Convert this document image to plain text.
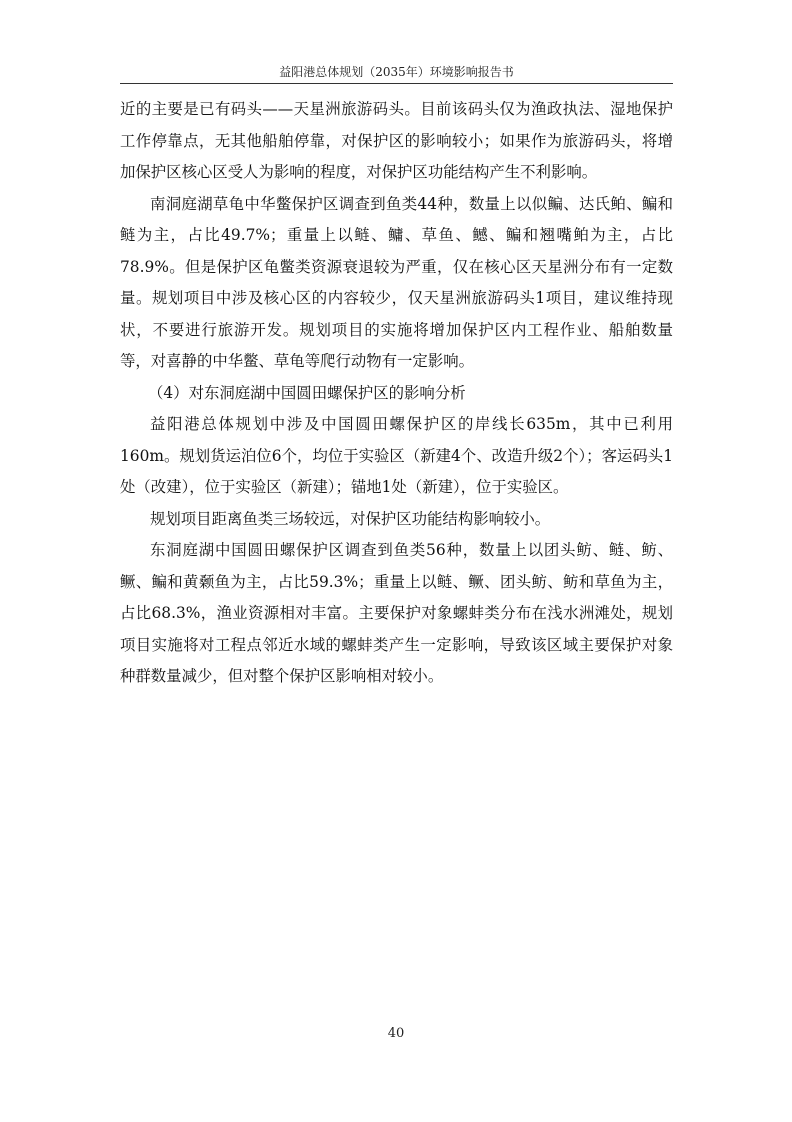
益阳港总体规划（2035年）环境影响报告书

近的主要是已有码头——天星洲旅游码头。目前该码头仅为渔政执法、湿地保护工作停靠点，无其他船舶停靠，对保护区的影响较小；如果作为旅游码头，将增加保护区核心区受人为影响的程度，对保护区功能结构产生不利影响。

南洞庭湖草龟中华鳖保护区调查到鱼类44种，数量上以似鳊、达氏鲌、鳊和鲢为主，占比49.7%；重量上以鲢、鳙、草鱼、鳡、鳊和翘嘴鲌为主，占比78.9%。但是保护区龟鳖类资源衰退较为严重，仅在核心区天星洲分布有一定数量。规划项目中涉及核心区的内容较少，仅天星洲旅游码头1项目，建议维持现状，不要进行旅游开发。规划项目的实施将增加保护区内工程作业、船舶数量等，对喜静的中华鳖、草龟等爬行动物有一定影响。

（4）对东洞庭湖中国圆田螺保护区的影响分析

益阳港总体规划中涉及中国圆田螺保护区的岸线长635m，其中已利用160m。规划货运泊位6个，均位于实验区（新建4个、改造升级2个）；客运码头1处（改建），位于实验区（新建）；锚地1处（新建），位于实验区。

规划项目距离鱼类三场较远，对保护区功能结构影响较小。

东洞庭湖中国圆田螺保护区调查到鱼类56种，数量上以团头鲂、鲢、鲂、鳜、鳊和黄颡鱼为主，占比59.3%；重量上以鲢、鳜、团头鲂、鲂和草鱼为主，占比68.3%，渔业资源相对丰富。主要保护对象螺蚌类分布在浅水洲滩处，规划项目实施将对工程点邻近水域的螺蚌类产生一定影响，导致该区域主要保护对象种群数量减少，但对整个保护区影响相对较小。

40
